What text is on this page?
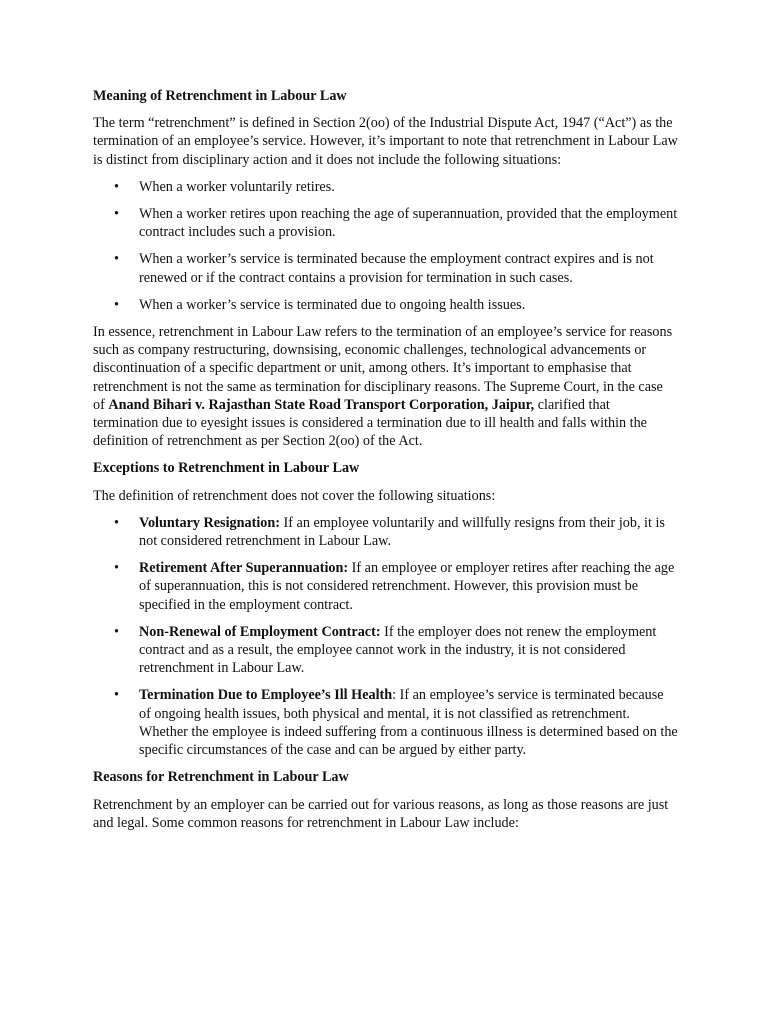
Meaning of Retrenchment in Labour Law

The term “retrenchment” is defined in Section 2(oo) of the Industrial Dispute Act, 1947 (“Act”) as the termination of an employee’s service. However, it’s important to note that retrenchment in Labour Law is distinct from disciplinary action and it does not include the following situations:

• When a worker voluntarily retires.
• When a worker retires upon reaching the age of superannuation, provided that the employment contract includes such a provision.
• When a worker’s service is terminated because the employment contract expires and is not renewed or if the contract contains a provision for termination in such cases.
• When a worker’s service is terminated due to ongoing health issues.

In essence, retrenchment in Labour Law refers to the termination of an employee’s service for reasons such as company restructuring, downsising, economic challenges, technological advancements or discontinuation of a specific department or unit, among others. It’s important to emphasise that retrenchment is not the same as termination for disciplinary reasons. The Supreme Court, in the case of Anand Bihari v. Rajasthan State Road Transport Corporation, Jaipur, clarified that termination due to eyesight issues is considered a termination due to ill health and falls within the definition of retrenchment as per Section 2(oo) of the Act.

Exceptions to Retrenchment in Labour Law

The definition of retrenchment does not cover the following situations:

• Voluntary Resignation: If an employee voluntarily and willfully resigns from their job, it is not considered retrenchment in Labour Law.
• Retirement After Superannuation: If an employee or employer retires after reaching the age of superannuation, this is not considered retrenchment. However, this provision must be specified in the employment contract.
• Non-Renewal of Employment Contract: If the employer does not renew the employment contract and as a result, the employee cannot work in the industry, it is not considered retrenchment in Labour Law.
• Termination Due to Employee’s Ill Health: If an employee’s service is terminated because of ongoing health issues, both physical and mental, it is not classified as retrenchment. Whether the employee is indeed suffering from a continuous illness is determined based on the specific circumstances of the case and can be argued by either party.
Reasons for Retrenchment in Labour Law

Retrenchment by an employer can be carried out for various reasons, as long as those reasons are just and legal. Some common reasons for retrenchment in Labour Law include:
